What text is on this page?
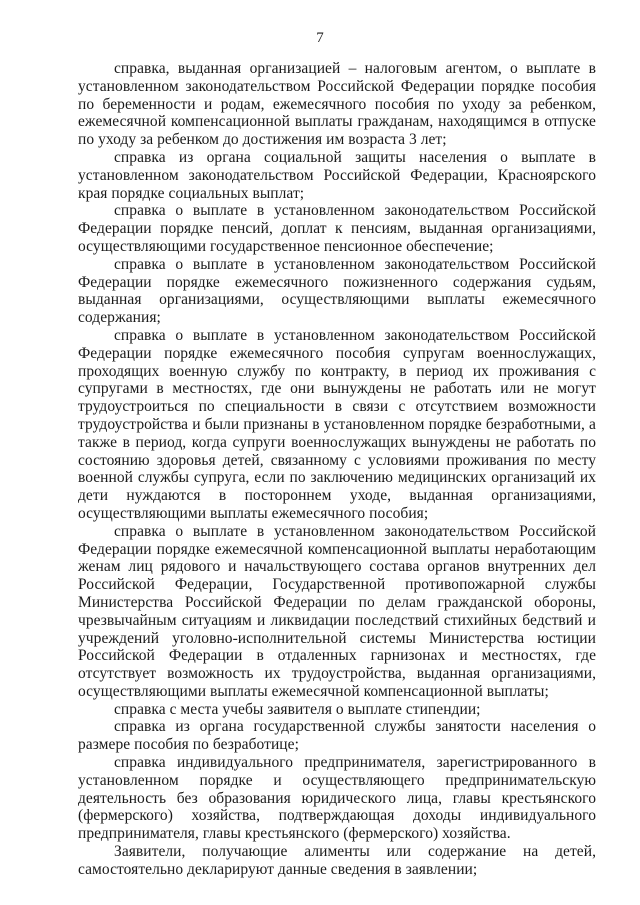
7

справка, выданная организацией – налоговым агентом, о выплате в установленном законодательством Российской Федерации порядке пособия по беременности и родам, ежемесячного пособия по уходу за ребенком, ежемесячной компенсационной выплаты гражданам, находящимся в отпуске по уходу за ребенком до достижения им возраста 3 лет;

справка из органа социальной защиты населения о выплате в установленном законодательством Российской Федерации, Красноярского края порядке социальных выплат;

справка о выплате в установленном законодательством Российской Федерации порядке пенсий, доплат к пенсиям, выданная организациями, осуществляющими государственное пенсионное обеспечение;

справка о выплате в установленном законодательством Российской Федерации порядке ежемесячного пожизненного содержания судьям, выданная организациями, осуществляющими выплаты ежемесячного содержания;

справка о выплате в установленном законодательством Российской Федерации порядке ежемесячного пособия супругам военнослужащих, проходящих военную службу по контракту, в период их проживания с супругами в местностях, где они вынуждены не работать или не могут трудоустроиться по специальности в связи с отсутствием возможности трудоустройства и были признаны в установленном порядке безработными, а также в период, когда супруги военнослужащих вынуждены не работать по состоянию здоровья детей, связанному с условиями проживания по месту военной службы супруга, если по заключению медицинских организаций их дети нуждаются в постороннем уходе, выданная организациями, осуществляющими выплаты ежемесячного пособия;

справка о выплате в установленном законодательством Российской Федерации порядке ежемесячной компенсационной выплаты неработающим женам лиц рядового и начальствующего состава органов внутренних дел Российской Федерации, Государственной противопожарной службы Министерства Российской Федерации по делам гражданской обороны, чрезвычайным ситуациям и ликвидации последствий стихийных бедствий и учреждений уголовно-исполнительной системы Министерства юстиции Российской Федерации в отдаленных гарнизонах и местностях, где отсутствует возможность их трудоустройства, выданная организациями, осуществляющими выплаты ежемесячной компенсационной выплаты;

справка с места учебы заявителя о выплате стипендии;

справка из органа государственной службы занятости населения о размере пособия по безработице;

справка индивидуального предпринимателя, зарегистрированного в установленном порядке и осуществляющего предпринимательскую деятельность без образования юридического лица, главы крестьянского (фермерского) хозяйства, подтверждающая доходы индивидуального предпринимателя, главы крестьянского (фермерского) хозяйства.

Заявители, получающие алименты или содержание на детей, самостоятельно декларируют данные сведения в заявлении;
